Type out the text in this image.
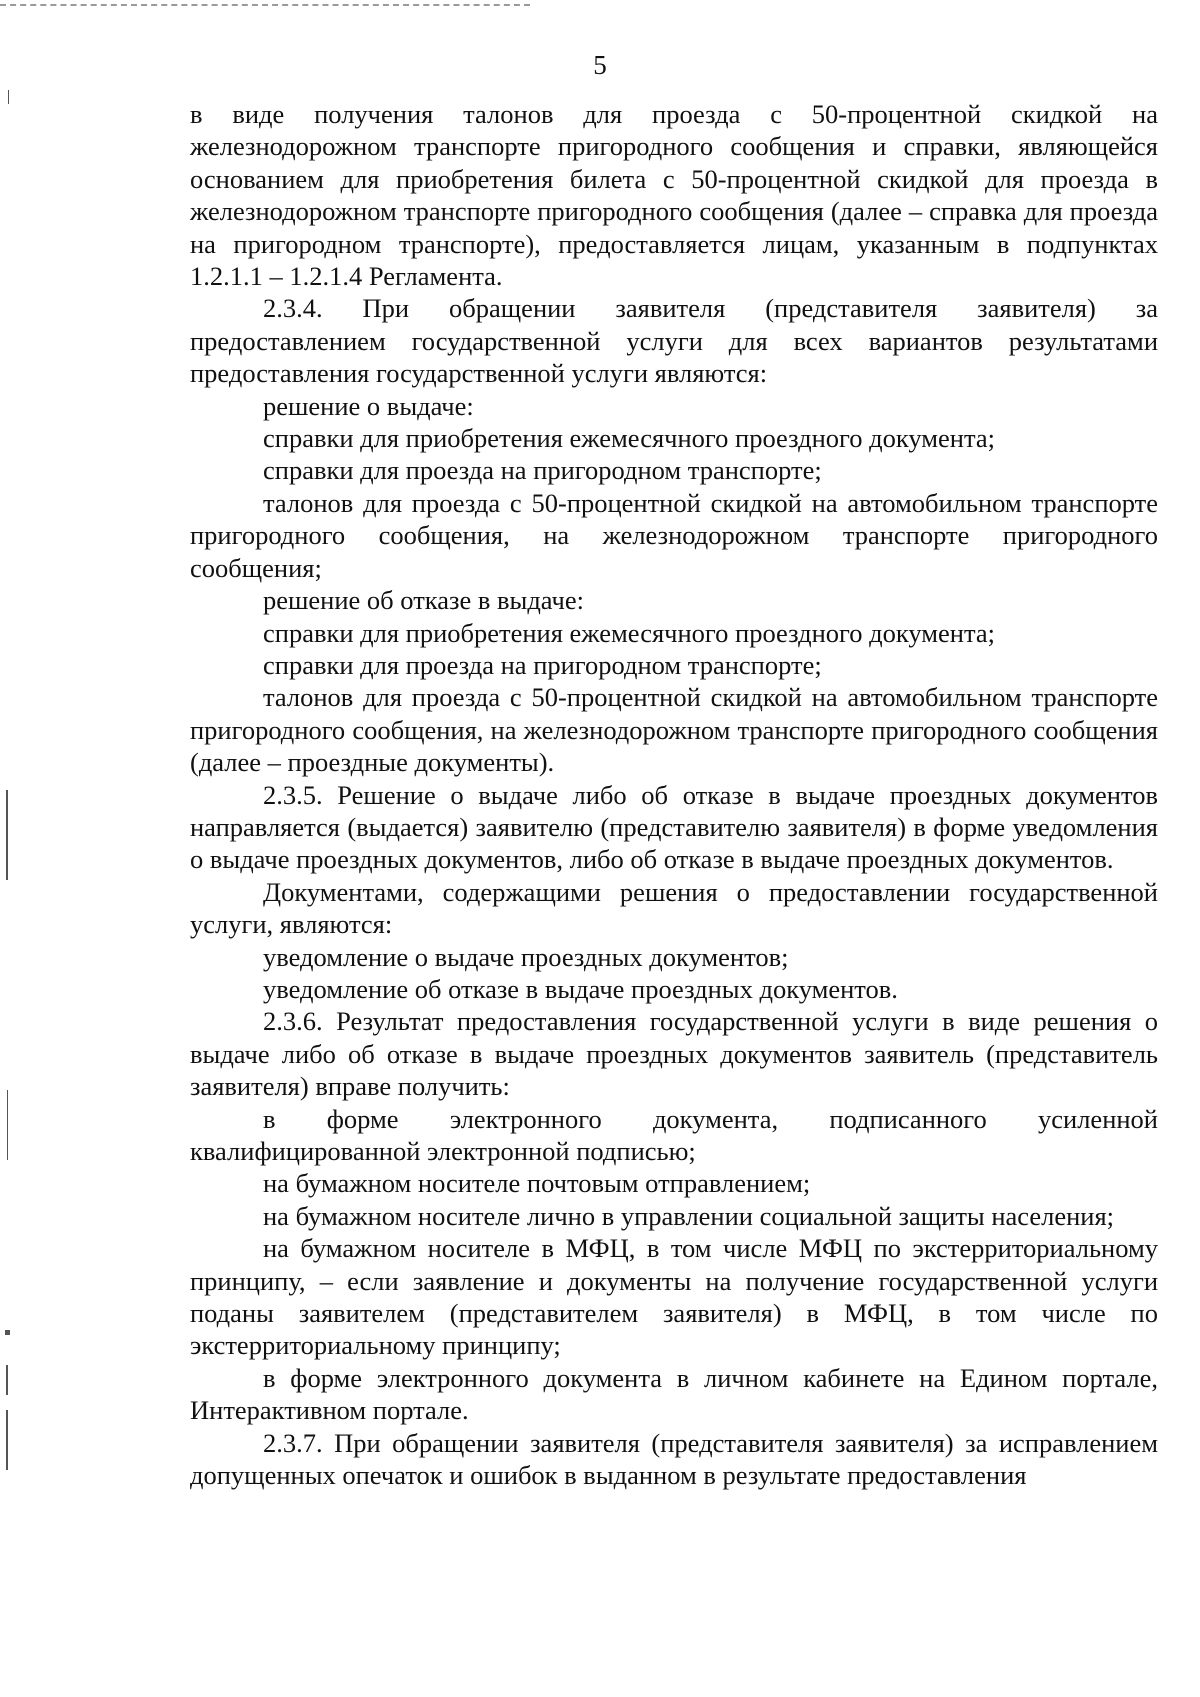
5

в виде получения талонов для проезда с 50-процентной скидкой на железнодорожном транспорте пригородного сообщения и справки, являющейся основанием для приобретения билета с 50-процентной скидкой для проезда в железнодорожном транспорте пригородного сообщения (далее – справка для проезда на пригородном транспорте), предоставляется лицам, указанным в подпунктах 1.2.1.1 – 1.2.1.4 Регламента.

2.3.4. При обращении заявителя (представителя заявителя) за предоставлением государственной услуги для всех вариантов результатами предоставления государственной услуги являются:

решение о выдаче:

справки для приобретения ежемесячного проездного документа;

справки для проезда на пригородном транспорте;

талонов для проезда с 50-процентной скидкой на автомобильном транспорте пригородного сообщения, на железнодорожном транспорте пригородного сообщения;

решение об отказе в выдаче:

справки для приобретения ежемесячного проездного документа;

справки для проезда на пригородном транспорте;

талонов для проезда с 50-процентной скидкой на автомобильном транспорте пригородного сообщения, на железнодорожном транспорте пригородного сообщения (далее – проездные документы).

2.3.5. Решение о выдаче либо об отказе в выдаче проездных документов направляется (выдается) заявителю (представителю заявителя) в форме уведомления о выдаче проездных документов, либо об отказе в выдаче проездных документов.

Документами, содержащими решения о предоставлении государственной услуги, являются:

уведомление о выдаче проездных документов;

уведомление об отказе в выдаче проездных документов.

2.3.6. Результат предоставления государственной услуги в виде решения о выдаче либо об отказе в выдаче проездных документов заявитель (представитель заявителя) вправе получить:

в форме электронного документа, подписанного усиленной квалифицированной электронной подписью;

на бумажном носителе почтовым отправлением;

на бумажном носителе лично в управлении социальной защиты населения;

на бумажном носителе в МФЦ, в том числе МФЦ по экстерриториальному принципу, – если заявление и документы на получение государственной услуги поданы заявителем (представителем заявителя) в МФЦ, в том числе по экстерриториальному принципу;

в форме электронного документа в личном кабинете на Едином портале, Интерактивном портале.

2.3.7. При обращении заявителя (представителя заявителя) за исправлением допущенных опечаток и ошибок в выданном в результате предоставления
